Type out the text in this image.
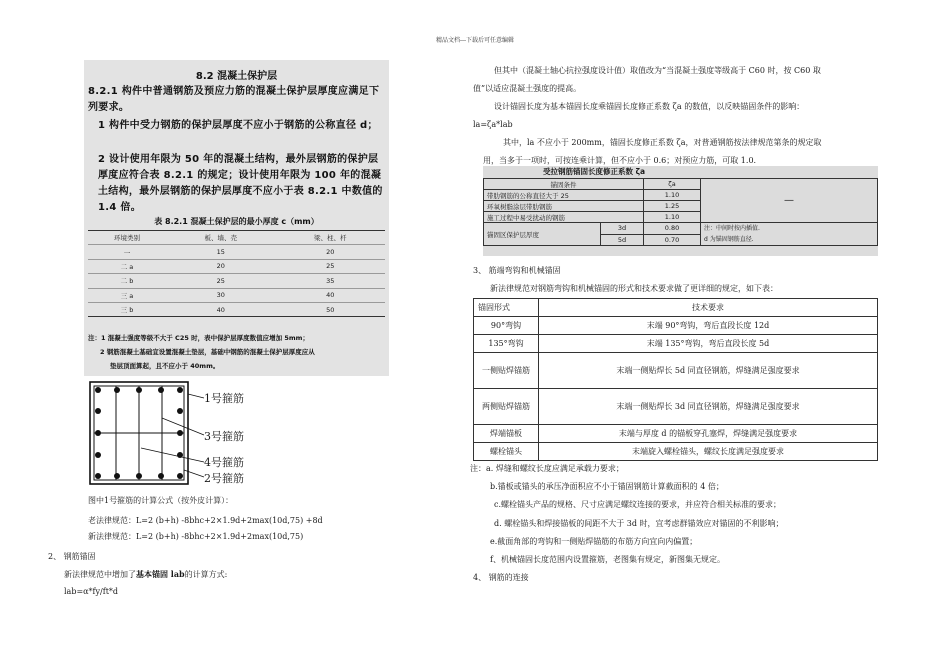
精品文档---下载后可任意编辑
8.2 混凝土保护层
8.2.1 构件中普通钢筋及预应力筋的混凝土保护层厚度应满足下列要求。
1 构件中受力钢筋的保护层厚度不应小于钢筋的公称直径 d；
2 设计使用年限为 50 年的混凝土结构，最外层钢筋的保护层厚度应符合表 8.2.1 的规定；设计使用年限为 100 年的混凝土结构，最外层钢筋的保护层厚度不应小于表 8.2.1 中数值的 1.4 倍。
表 8.2.1 混凝土保护层的最小厚度 c（mm）
环境类别	板、墙、壳	梁、柱、杆
一	15	20
二 a	20	25
二 b	25	35
三 a	30	40
三 b	40	50
注：1 混凝土强度等级不大于 C25 时，表中保护层厚度数值应增加 5mm；
2 钢筋混凝土基础宜设置混凝土垫层，基础中钢筋的混凝土保护层厚度应从
垫层顶面算起，且不应小于 40mm。
1号箍筋
3号箍筋
4号箍筋
2号箍筋
图中1号箍筋的计算公式（按外皮计算）：
老法律规范：L=2 (b+h) -8bhc+2×1.9d+2max(10d,75) +8d
新法律规范：L=2 (b+h) -8bhc+2×1.9d+2max(10d,75)
2、 钢筋锚固
新法律规范中增加了基本锚固 lab的计算方式:
lab=α*fy/ft*d
但其中（混凝土轴心抗拉强度设计值）取值改为“当混凝土强度等级高于 C60 时，按 C60 取
值”以适应混凝土强度的提高。
设计锚固长度为基本锚固长度乘锚固长度修正系数 ζa 的数值，以反映锚固条件的影响：
la=ζa*lab
其中，la 不应小于 200mm，锚固长度修正系数 ζa，对普通钢筋按法律规范第条的规定取
用，当多于一项时，可按连乘计算，但不应小于 0.6；对预应力筋，可取 1.0.
受拉钢筋锚固长度修正系数 ζa
锚固条件		ζa	—
带肋钢筋的公称直径大于 25		1.10	
环氧树脂涂层带肋钢筋		1.25	
施工过程中易受扰动的钢筋		1.10	
锚固区保护层厚度	3d	0.80	注：中间时按内插值.
d 为锚固钢筋直径.

	5d	0.70	
3、 筋端弯钩和机械锚固
新法律规范对钢筋弯钩和机械锚固的形式和技术要求做了更详细的规定，如下表：
锚固形式	技术要求
90°弯钩	末端 90°弯钩，弯后直段长度 12d
135°弯钩	末端 135°弯钩，弯后直段长度 5d
一侧贴焊锚筋	末端一侧贴焊长 5d 同直径钢筋，焊缝满足强度要求
两侧贴焊锚筋	末端一侧贴焊长 3d 同直径钢筋，焊缝满足强度要求
焊端锚板	末端与厚度 d 的锚板穿孔塞焊，焊缝满足强度要求
螺栓锚头	末端旋入螺栓锚头，螺纹长度满足强度要求
注：a. 焊缝和螺纹长度应满足承载力要求；
b.锚板或锚头的承压净面积应不小于锚固钢筋计算截面积的 4 倍；
c.螺栓锚头产品的规格、尺寸应满足螺纹连接的要求，并应符合相关标准的要求；
d. 螺栓锚头和焊接锚板的间距不大于 3d 时，宜考虑群锚效应对锚固的不利影响；
e.截面角部的弯钩和一侧贴焊锚筋的布筋方向宜向内偏置；
f、机械锚固长度范围内设置箍筋，老图集有规定，新图集无规定。
4、 钢筋的连接
